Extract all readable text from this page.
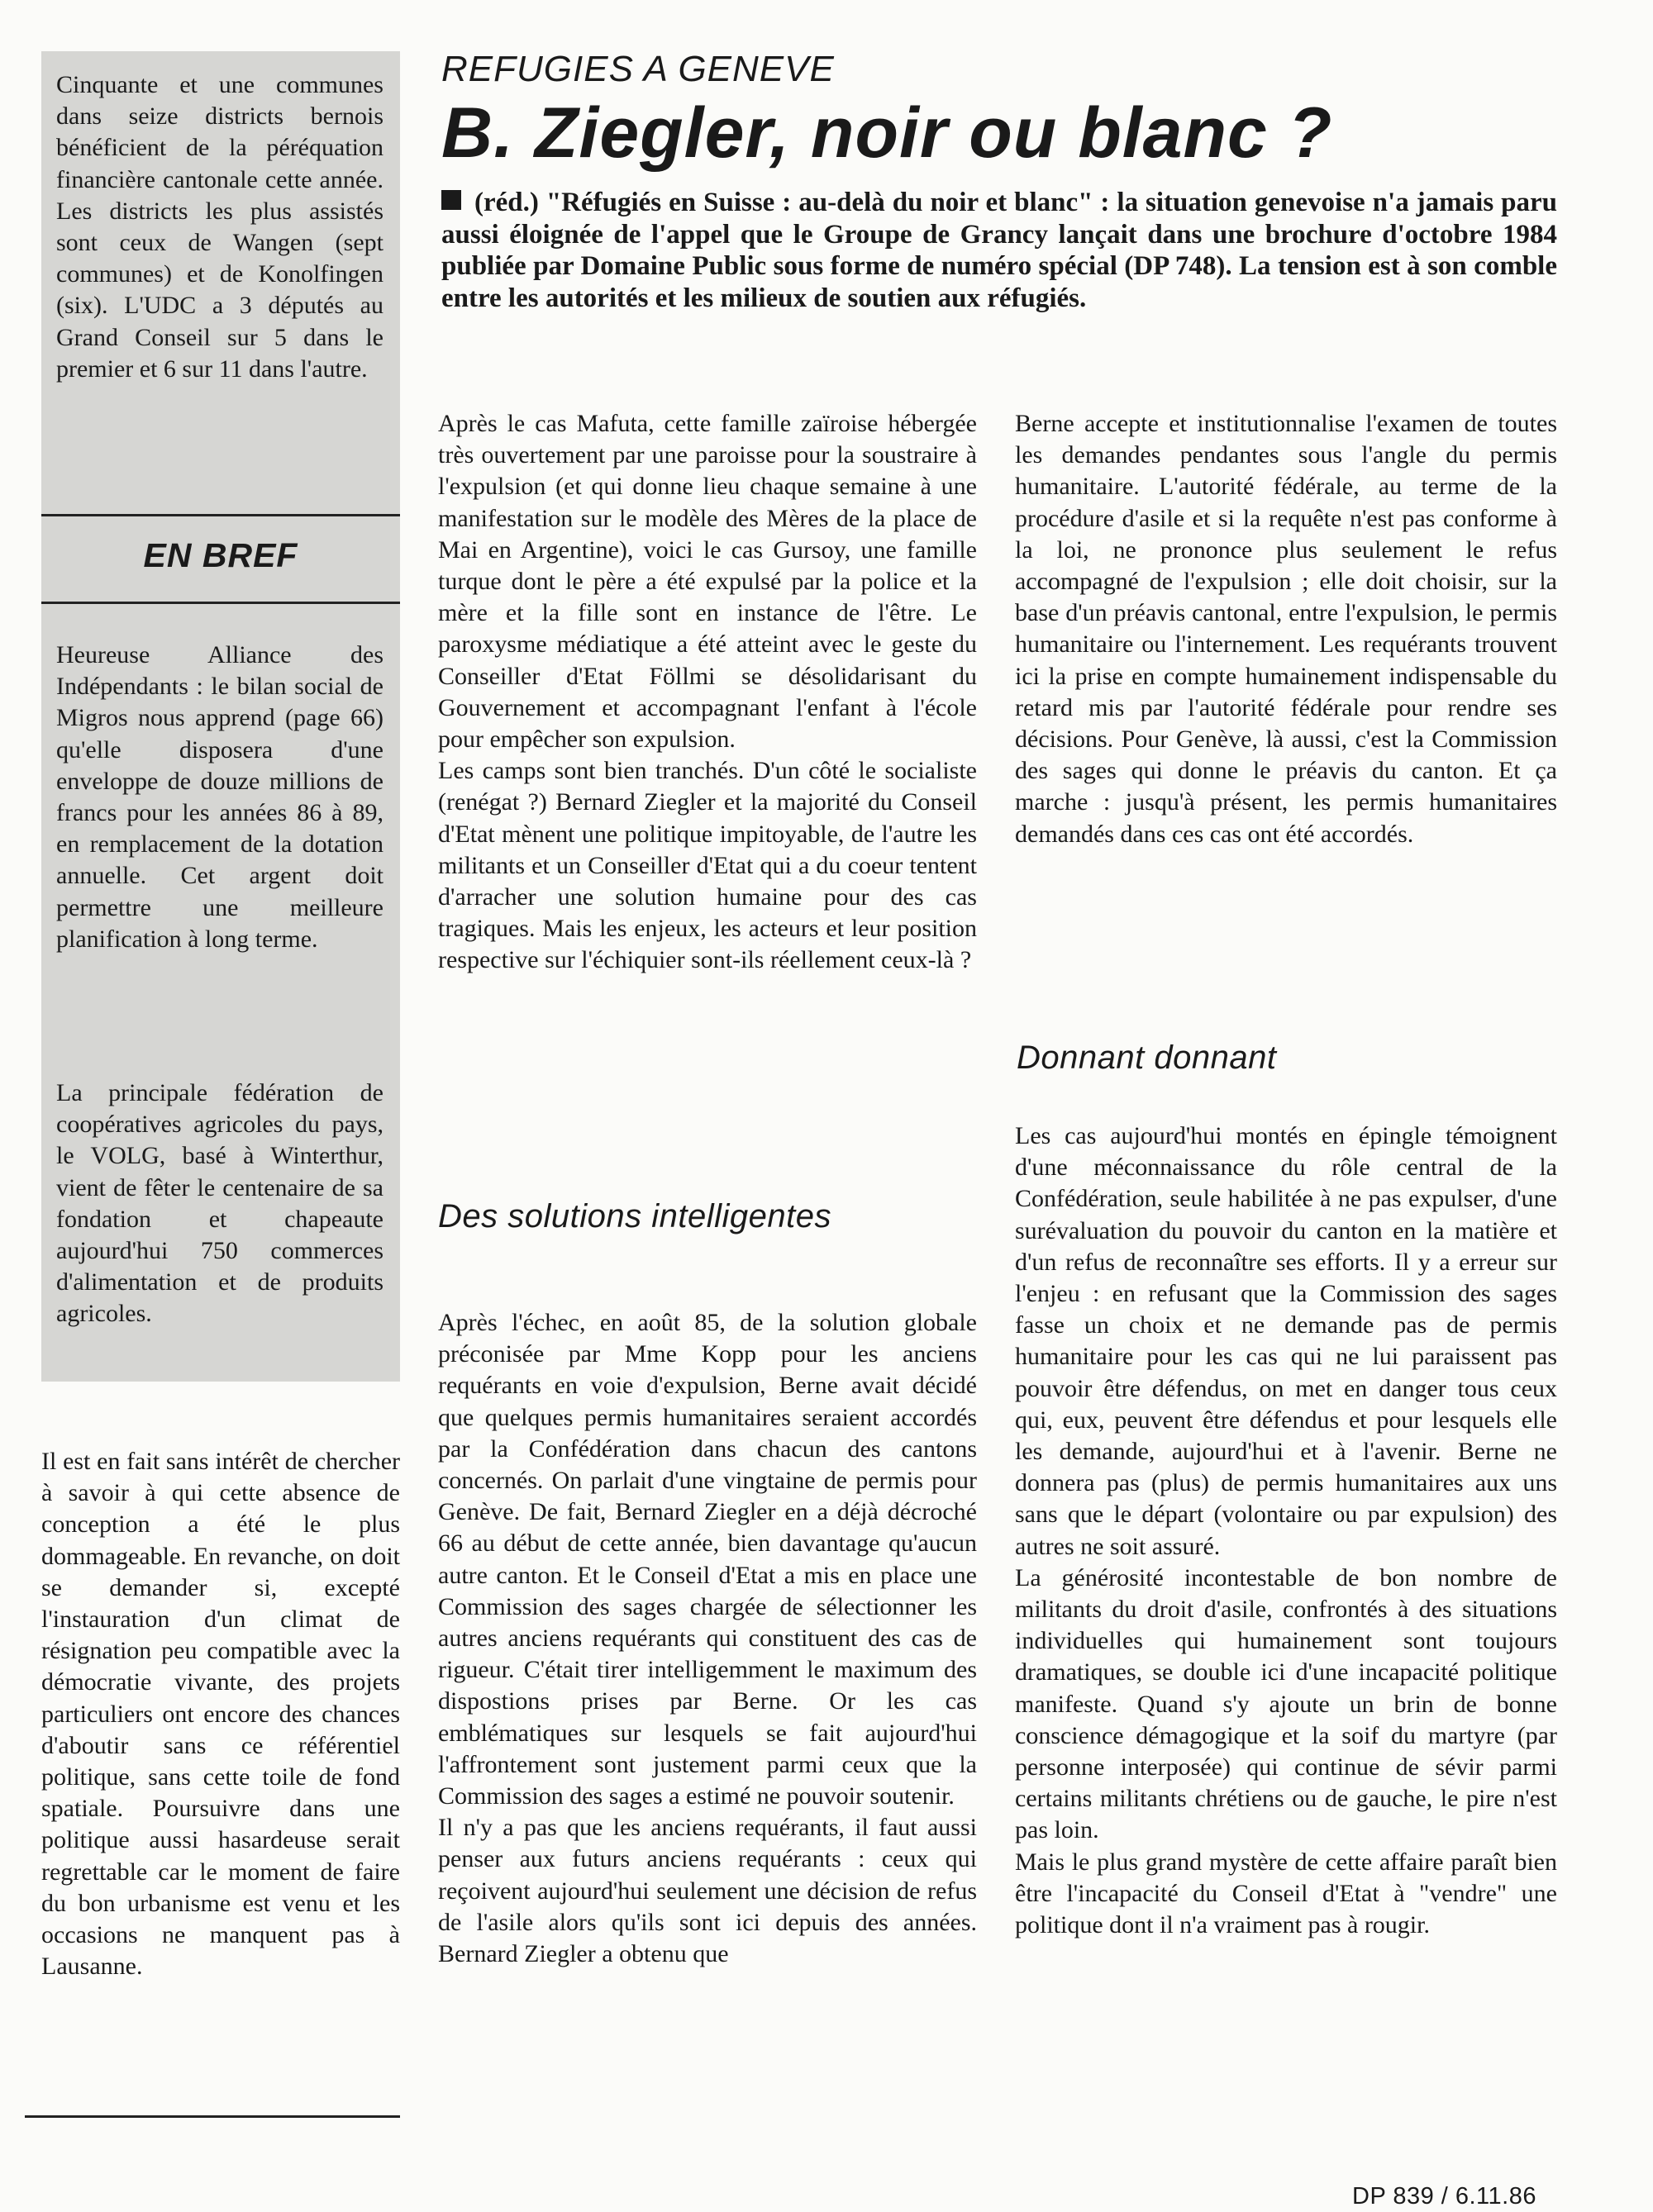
Cinquante et une communes dans seize districts bernois bénéficient de la péréquation financière cantonale cette année. Les districts les plus assistés sont ceux de Wangen (sept communes) et de Konolfingen (six). L'UDC a 3 députés au Grand Conseil sur 5 dans le premier et 6 sur 11 dans l'autre.
EN BREF
Heureuse Alliance des Indépendants : le bilan social de Migros nous apprend (page 66) qu'elle disposera d'une enveloppe de douze millions de francs pour les années 86 à 89, en remplacement de la dotation annuelle. Cet argent doit permettre une meilleure planification à long terme.
La principale fédération de coopératives agricoles du pays, le VOLG, basé à Winterthur, vient de fêter le centenaire de sa fondation et chapeaute aujourd'hui 750 commerces d'alimentation et de produits agricoles.
Il est en fait sans intérêt de chercher à savoir à qui cette absence de conception a été le plus dommageable. En revanche, on doit se demander si, excepté l'instauration d'un climat de résignation peu compatible avec la démocratie vivante, des projets particuliers ont encore des chances d'aboutir sans ce référentiel politique, sans cette toile de fond spatiale. Poursuivre dans une politique aussi hasardeuse serait regrettable car le moment de faire du bon urbanisme est venu et les occasions ne manquent pas à Lausanne.
REFUGIES A GENEVE
B. Ziegler, noir ou blanc ?
(réd.) "Réfugiés en Suisse : au-delà du noir et blanc" : la situation genevoise n'a jamais paru aussi éloignée de l'appel que le Groupe de Grancy lançait dans une brochure d'octobre 1984 publiée par Domaine Public sous forme de numéro spécial (DP 748). La tension est à son comble entre les autorités et les milieux de soutien aux réfugiés.

Après le cas Mafuta, cette famille zaïroise hébergée très ouvertement par une paroisse pour la soustraire à l'expulsion (et qui donne lieu chaque semaine à une manifestation sur le modèle des Mères de la place de Mai en Argentine), voici le cas Gursoy, une famille turque dont le père a été expulsé par la police et la mère et la fille sont en instance de l'être. Le paroxysme médiatique a été atteint avec le geste du Conseiller d'Etat Föllmi se désolidarisant du Gouvernement et accompagnant l'enfant à l'école pour empêcher son expulsion.

Les camps sont bien tranchés. D'un côté le socialiste (renégat ?) Bernard Ziegler et la majorité du Conseil d'Etat mènent une politique impitoyable, de l'autre les militants et un Conseiller d'Etat qui a du coeur tentent d'arracher une solution humaine pour des cas tragiques. Mais les enjeux, les acteurs et leur position respective sur l'échiquier sont-ils réellement ceux-là ?

Des solutions intelligentes

Après l'échec, en août 85, de la solution globale préconisée par Mme Kopp pour les anciens requérants en voie d'expulsion, Berne avait décidé que quelques permis humanitaires seraient accordés par la Confédération dans chacun des cantons concernés. On parlait d'une vingtaine de permis pour Genève. De fait, Bernard Ziegler en a déjà décroché 66 au début de cette année, bien davantage qu'aucun autre canton. Et le Conseil d'Etat a mis en place une Commission des sages chargée de sélectionner les autres anciens requérants qui constituent des cas de rigueur. C'était tirer intelligemment le maximum des dispostions prises par Berne. Or les cas emblématiques sur lesquels se fait aujourd'hui l'affrontement sont justement parmi ceux que la Commission des sages a estimé ne pouvoir soutenir.

Il n'y a pas que les anciens requérants, il faut aussi penser aux futurs anciens requérants : ceux qui reçoivent aujourd'hui seulement une décision de refus de l'asile alors qu'ils sont ici depuis des années. Bernard Ziegler a obtenu que

Berne accepte et institutionnalise l'examen de toutes les demandes pendantes sous l'angle du permis humanitaire. L'autorité fédérale, au terme de la procédure d'asile et si la requête n'est pas conforme à la loi, ne prononce plus seulement le refus accompagné de l'expulsion ; elle doit choisir, sur la base d'un préavis cantonal, entre l'expulsion, le permis humanitaire ou l'internement. Les requérants trouvent ici la prise en compte humainement indispensable du retard mis par l'autorité fédérale pour rendre ses décisions. Pour Genève, là aussi, c'est la Commission des sages qui donne le préavis du canton. Et ça marche : jusqu'à présent, les permis humanitaires demandés dans ces cas ont été accordés.

Donnant donnant

Les cas aujourd'hui montés en épingle témoignent d'une méconnaissance du rôle central de la Confédération, seule habilitée à ne pas expulser, d'une surévaluation du pouvoir du canton en la matière et d'un refus de reconnaître ses efforts. Il y a erreur sur l'enjeu : en refusant que la Commission des sages fasse un choix et ne demande pas de permis humanitaire pour les cas qui ne lui paraissent pas pouvoir être défendus, on met en danger tous ceux qui, eux, peuvent être défendus et pour lesquels elle les demande, aujourd'hui et à l'avenir. Berne ne donnera pas (plus) de permis humanitaires aux uns sans que le départ (volontaire ou par expulsion) des autres ne soit assuré.

La générosité incontestable de bon nombre de militants du droit d'asile, confrontés à des situations individuelles qui humainement sont toujours dramatiques, se double ici d'une incapacité politique manifeste. Quand s'y ajoute un brin de bonne conscience démagogique et la soif du martyre (par personne interposée) qui continue de sévir parmi certains militants chrétiens ou de gauche, le pire n'est pas loin.

Mais le plus grand mystère de cette affaire paraît bien être l'incapacité du Conseil d'Etat à "vendre" une politique dont il n'a vraiment pas à rougir.

DP 839 / 6.11.86
